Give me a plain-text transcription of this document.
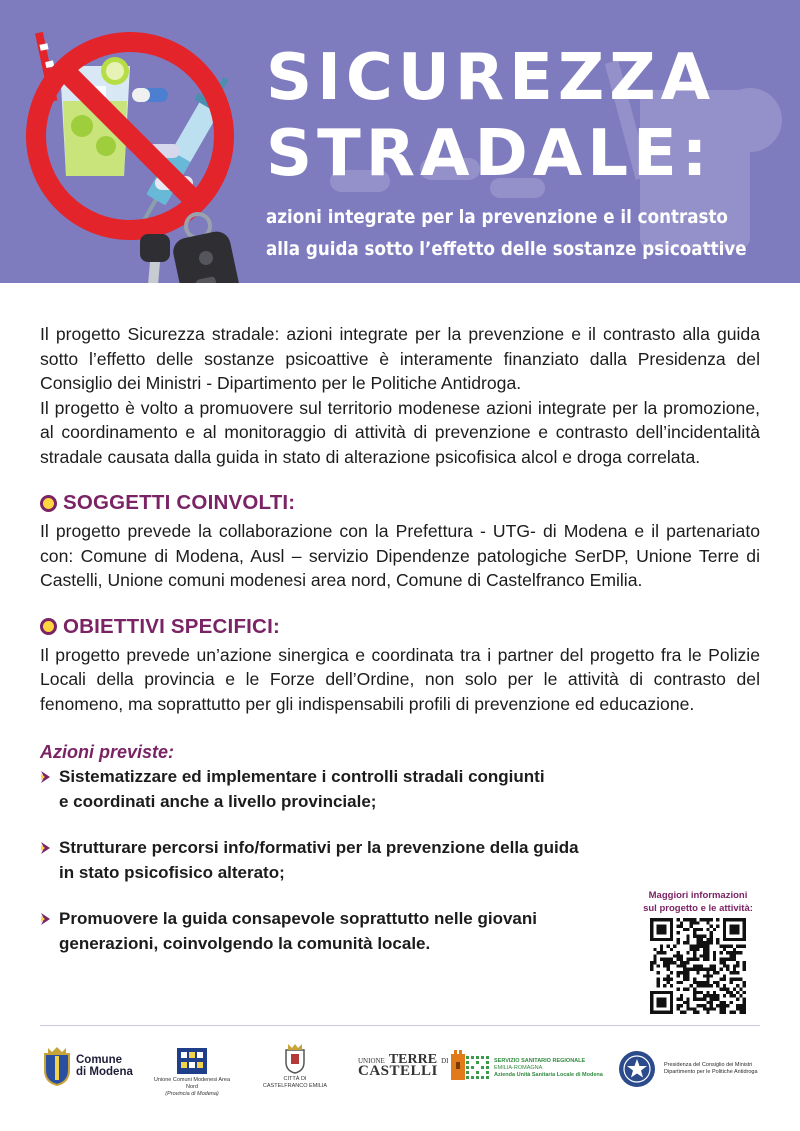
SICUREZZA
STRADALE:
azioni integrate per la prevenzione e il contrasto
alla guida sotto l’effetto delle sostanze psicoattive

Il progetto Sicurezza stradale: azioni integrate per la prevenzione e il contrasto alla guida sotto l’effetto delle sostanze psicoattive è interamente finanziato dalla Presidenza del Consiglio dei Ministri - Dipartimento per le Politiche Antidroga.

Il progetto è volto a promuovere sul territorio modenese azioni integrate per la promozione, al coordinamento e al monitoraggio di attività di prevenzione e contrasto dell’incidentalità stradale causata dalla guida in stato di alterazione psicofisica alcol e droga correlata.

SOGGETTI COINVOLTI:

Il progetto prevede la collaborazione con la Prefettura - UTG- di Modena e il partenariato con: Comune di Modena, Ausl – servizio Dipendenze patologiche SerDP, Unione Terre di Castelli, Unione comuni modenesi area nord, Comune di Castelfranco Emilia.

OBIETTIVI SPECIFICI:

Il progetto prevede un’azione sinergica e coordinata tra i partner del progetto fra le Polizie Locali della provincia e le Forze dell’Ordine, non solo per le attività di contrasto del fenomeno, ma soprattutto per gli indispensabili profili di prevenzione ed educazione.

Azioni previste:
Sistematizzare ed implementare i controlli stradali congiunti
e coordinati anche a livello provinciale;
Strutturare percorsi info/formativi per la prevenzione della guida
in stato psicofisico alterato;
Promuovere la guida consapevole soprattutto nelle giovani
generazioni, coinvolgendo la comunità locale.
Maggiori informazioni
sul progetto e le attività:
Comune
di Modena
Unione Comuni Modenesi Area Nord
(Provincia di Modena)
CITTÀ DI
CASTELFRANCO EMILIA
UNIONE TERRE DI
CASTELLI
SERVIZIO SANITARIO REGIONALE
EMILIA-ROMAGNA
Azienda Unità Sanitaria Locale di Modena
Presidenza del Consiglio dei Ministri
Dipartimento per le Politiche Antidroga
